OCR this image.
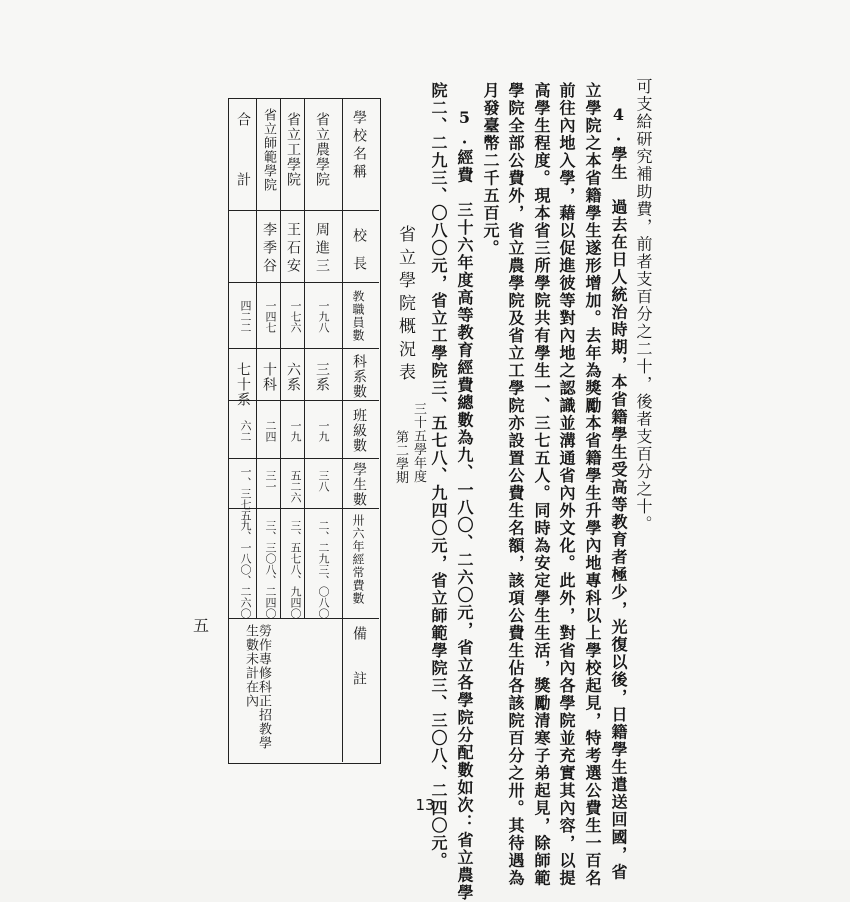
可支給研究補助費，前者支百分之二十，後者支百分之十。
4.學生　過去在日人統治時期，本省籍學生受高等教育者極少，光復以後，日籍學生遣送回國，省
立學院之本省籍學生遂形增加。去年為獎勵本省籍學生升學內地專科以上學校起見，特考選公費生一百名
前往內地入學，藉以促進彼等對內地之認識並溝通省內外文化。此外，對省內各學院並充實其內容，以提
高學生程度。現本省三所學院共有學生一、三七五人。同時為安定學生生活，獎勵清寒子弟起見，除師範
學院全部公費外，省立農學院及省立工學院亦設置公費生名額，該項公費生佔各該院百分之卅。其待遇為
月發臺幣二千五百元。
5.經費　三十六年度高等教育經費總數為九、一八〇、二六〇元，省立各學院分配數如次：省立農學
院二、二九三、〇八〇元，省立工學院三、五七八、九四〇元，省立師範學院三、三〇八、二四〇元。
省立學院概況表
三十五學年度
第二學期
學校名稱
校長
教職員數
科系數
班級數
學生數
卅六年經常費數
備　　註
省立農學院
周進三
一九八
三系
一九
三八
二、二九三、〇八〇
省立工學院
王石安
一七六
六系
一九
五二六
三、五七八、九四〇
省立師範學院
李季谷
一四七
十科
二四
三一
三、三〇八、二四〇
勞作專修科正招教學生數未計在內
合　　計
四二二
七十系
六二
一、三七五
九、一八〇、二六〇
五
13
